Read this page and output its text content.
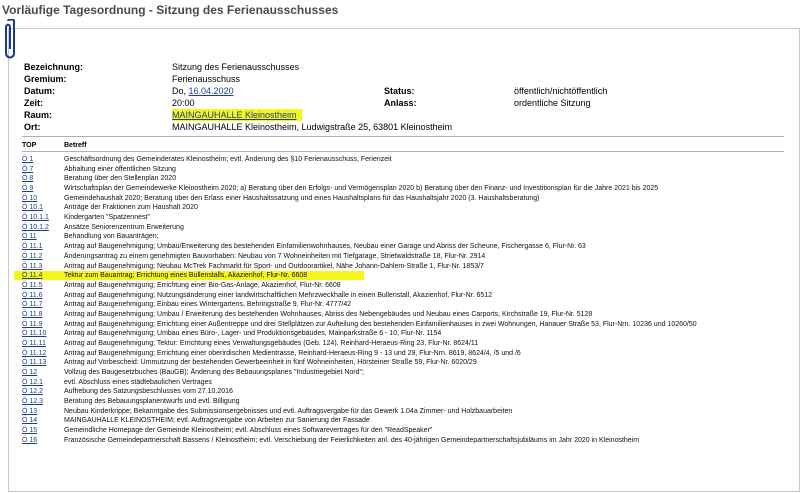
Vorläufige Tagesordnung - Sitzung des Ferienausschusses
Bezeichnung:	Sitzung des Ferienausschusses
Gremium:	Ferienausschuss
Datum:	Do, 16.04.2020	Status:	öffentlich/nichtöffentlich
Zeit:	20:00	Anlass:	ordentliche Sitzung
Raum:	MAINGAUHALLE Kleinostheim
Ort:	MAINGAUHALLE Kleinostheim, Ludwigstraße 25, 63801 Kleinostheim
TOP	Betreff
Ö 1	Geschäftsordnung des Gemeinderates Kleinostheim; evtl. Änderung des §10 Ferienausschuss, Ferienzeit
Ö 7	Abhaltung einer öffentlichen Sitzung
Ö 8	Beratung über den Stellenplan 2020
Ö 9	Wirtschaftsplan der Gemeindewerke Kleinostheim 2020; a) Beratung über den Erfolgs- und Vermögensplan 2020 b) Beratung über den Finanz- und Investitionsplan für die Jahre 2021 bis 2025
Ö 10	Gemeindehaushalt 2020; Beratung über den Erlass einer Haushaltssatzung und eines Haushaltsplans für das Haushaltsjahr 2020 (3. Haushaltsberatung)
Ö 10.1	Anträge der Fraktionen zum Haushalt 2020
Ö 10.1.1 Kindergarten "Spatzennest"
Ö 10.1.2 Ansätze Seniorenzentrum Erweiterung
Ö 11	Behandlung von Bauanträgen;
Ö 11.1	Antrag auf Baugenehmigung; Umbau/Erweiterung des bestehenden Einfamilienwohnhauses, Neubau einer Garage und Abriss der Scheune, Fischergasse 6, Flur-Nr. 63
Ö 11.2	Änderungsantrag zu einem genehmigten Bauvorhaben: Neubau von 7 Wohneinheiten mit Tiefgarage, Strietwaldstraße 18, Flur-Nr. 2914
Ö 11.3	Antrag auf Baugenehmigung; Neubau McTrek Fachmarkt für Sport- und Outdoorartikel, Nähe Johann-Dahlem-Straße 1, Flur-Nr. 1853/7
Ö 11.4	Tektur zum Bauantrag; Errichtung eines Bullenstalls, Akazienhof, Flur-Nr. 6608
Ö 11.5	Antrag auf Baugenehmigung; Errichtung einer Bio-Gas-Anlage, Akazienhof, Flur-Nr. 6608
Ö 11.6	Antrag auf Baugenehmigung; Nutzungsänderung einer landwirtschaftlichen Mehrzweckhalle in einen Bullenstall, Akazienhof, Flur-Nr. 6512
Ö 11.7	Antrag auf Baugenehmigung; Einbau eines Wintergartens, Behringstraße 9, Flur-Nr. 4777/42
Ö 11.8	Antrag auf Baugenehmigung; Umbau / Erweiterung des bestehenden Wohnhauses, Abriss des Nebengebäudes und Neubau eines Carports, Kirchstraße 19, Flur-Nr. 5128
Ö 11.9	Antrag auf Baugenehmigung; Errichtung einer Außentreppe und drei Stellplätzen zur Aufteilung des bestehenden Einfamilienhauses in zwei Wohnungen, Hanauer Straße 53, Flur-Nrn. 10236 und 10260/50
Ö 11.10	Antrag auf Baugenehmigung; Umbau eines Büro-, Lager- und Produktionsgebäudes, Mainparkstraße 6 - 10, Flur-Nr. 1154
Ö 11.11	Antrag auf Baugenehmigung; Tektur: Errichtung eines Verwaltungsgebäudes (Geb. 124), Reinhard-Heraeus-Ring 23, Flur-Nr. 8624/11
Ö 11.12	Antrag auf Baugenehmigung; Errichtung einer oberirdischen Medientrasse, Reinhard-Heraeus-Ring 9 - 13 und 29, Flur-Nrn. 8619, 8624/4, /5 und /6
Ö 11.13	Antrag auf Vorbescheid: Ummutzung der bestehenden Gewerbeeinheit in fünf Wohneinheiten, Hörsteiner Straße 59, Flur-Nr. 6020/29
Ö 12	Vollzug des Baugesetzbuches (BauGB); Änderung des Bebauungsplanes "Industriegebiet Nord";
Ö 12.1	evtl. Abschluss eines städtebaulichen Vertrages
Ö 12.2	Aufhebung des Satzungsbeschlusses vom 27.10.2016
Ö 12.3	Beratung des Bebauungsplanentwurfs und evtl. Billigung
Ö 13	Neubau Kinderkrippe; Bekanntgabe des Submissionsergebnisses und evtl. Auftragsvergabe für das Gewerk 1.04a Zimmer- und Holzbauarbeiten
Ö 14	MAINGAUHALLE KLEINOSTHEIM; evtl. Auftragsvergabe von Arbeiten zur Sanierung der Fassade
Ö 15	Gemeindliche Homepage der Gemeinde Kleinostheim; evtl. Abschluss eines Softwarevertrages für den "ReadSpeaker"
Ö 16	Französische Gemeindepartnerschaft Bassens / Kleinostheim; evtl. Verschiebung der Feierlichkeiten anl. des 40-jährigen Gemeindepartnerschaftsjubiläums im Jahr 2020 in Kleinostheim
